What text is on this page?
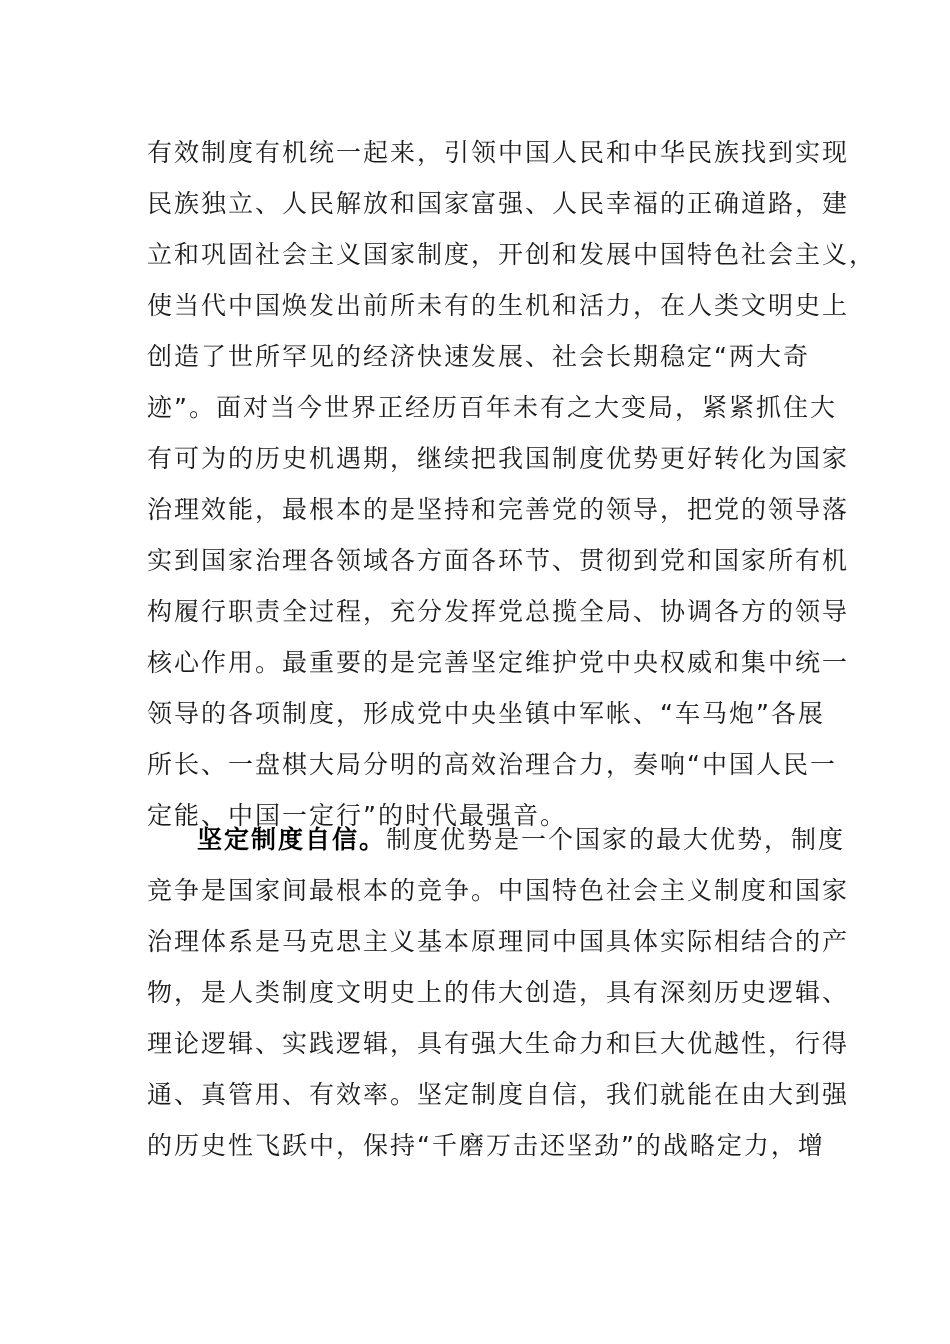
有效制度有机统一起来，引领中国人民和中华民族找到实现
民族独立、人民解放和国家富强、人民幸福的正确道路，建
立和巩固社会主义国家制度，开创和发展中国特色社会主义，
使当代中国焕发出前所未有的生机和活力，在人类文明史上
创造了世所罕见的经济快速发展、社会长期稳定“两大奇
迹”。面对当今世界正经历百年未有之大变局，紧紧抓住大
有可为的历史机遇期，继续把我国制度优势更好转化为国家
治理效能，最根本的是坚持和完善党的领导，把党的领导落
实到国家治理各领域各方面各环节、贯彻到党和国家所有机
构履行职责全过程，充分发挥党总揽全局、协调各方的领导
核心作用。最重要的是完善坚定维护党中央权威和集中统一
领导的各项制度，形成党中央坐镇中军帐、“车马炮”各展
所长、一盘棋大局分明的高效治理合力，奏响“中国人民一
定能、中国一定行”的时代最强音。
坚定制度自信。制度优势是一个国家的最大优势，制度
竞争是国家间最根本的竞争。中国特色社会主义制度和国家
治理体系是马克思主义基本原理同中国具体实际相结合的产
物，是人类制度文明史上的伟大创造，具有深刻历史逻辑、
理论逻辑、实践逻辑，具有强大生命力和巨大优越性，行得
通、真管用、有效率。坚定制度自信，我们就能在由大到强
的历史性飞跃中，保持“千磨万击还坚劲”的战略定力，增
